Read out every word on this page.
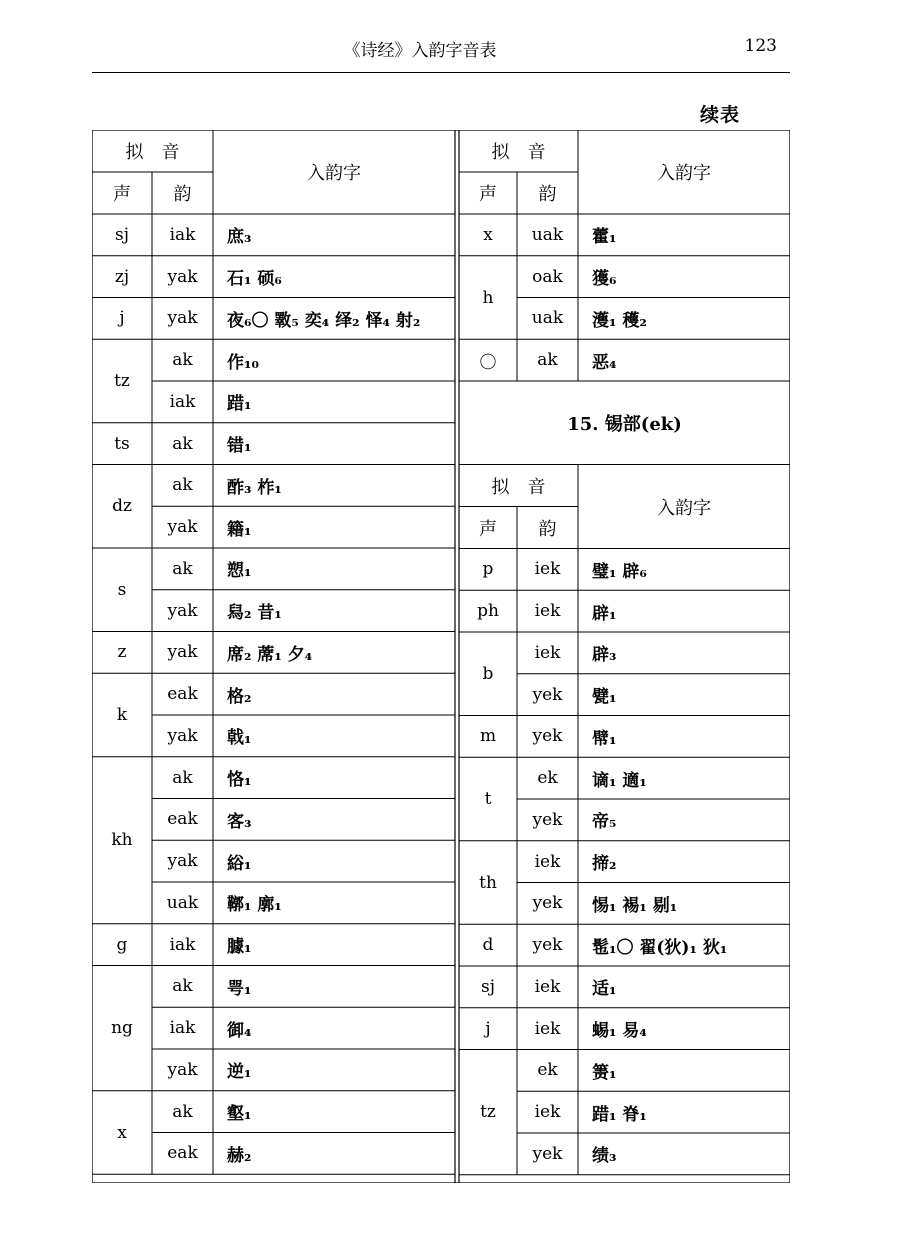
《诗经》入韵字音表	123
续表
拟　音
声	韵
入韵字
sj	iak	庶₃
zj	yak	石₁ 硕₆
j	yak	夜₆〇 斁₅ 奕₄ 绎₂ 怿₄ 射₂
tz
ak	作₁₀
iak	踖₁
ts	ak	错₁
dz
ak	酢₃ 柞₁
yak	籍₁
s
ak	愬₁
yak	舄₂ 昔₁
z	yak	席₂ 蓆₁ 夕₄
k
eak	格₂
yak	戟₁
kh
ak	恪₁
eak	客₃
yak	綌₁
uak	鞹₁ 廓₁
g	iak	臄₁
ng
ak	咢₁
iak	御₄
yak	逆₁
x
ak	壑₁
eak	赫₂
拟　音
声	韵
入韵字
x	uak	藿₁
h
oak	獲₆
uak	濩₁ 穫₂
〇	ak	恶₄
15. 锡部(ek)
拟　音
声	韵
入韵字
p	iek	璧₁ 辟₆
ph	iek	辟₁
b
iek	辟₃
yek	甓₁
m	yek	幦₁
t
ek	谪₁ 適₁
yek	帝₅
th
iek	揥₂
yek	惕₁ 裼₁ 剔₁
d	yek	髢₁〇 翟(狄)₁ 狄₁
sj	iek	适₁
j	iek	蜴₁ 易₄
tz
ek	箦₁
iek	踖₁ 脊₁
yek	绩₃
